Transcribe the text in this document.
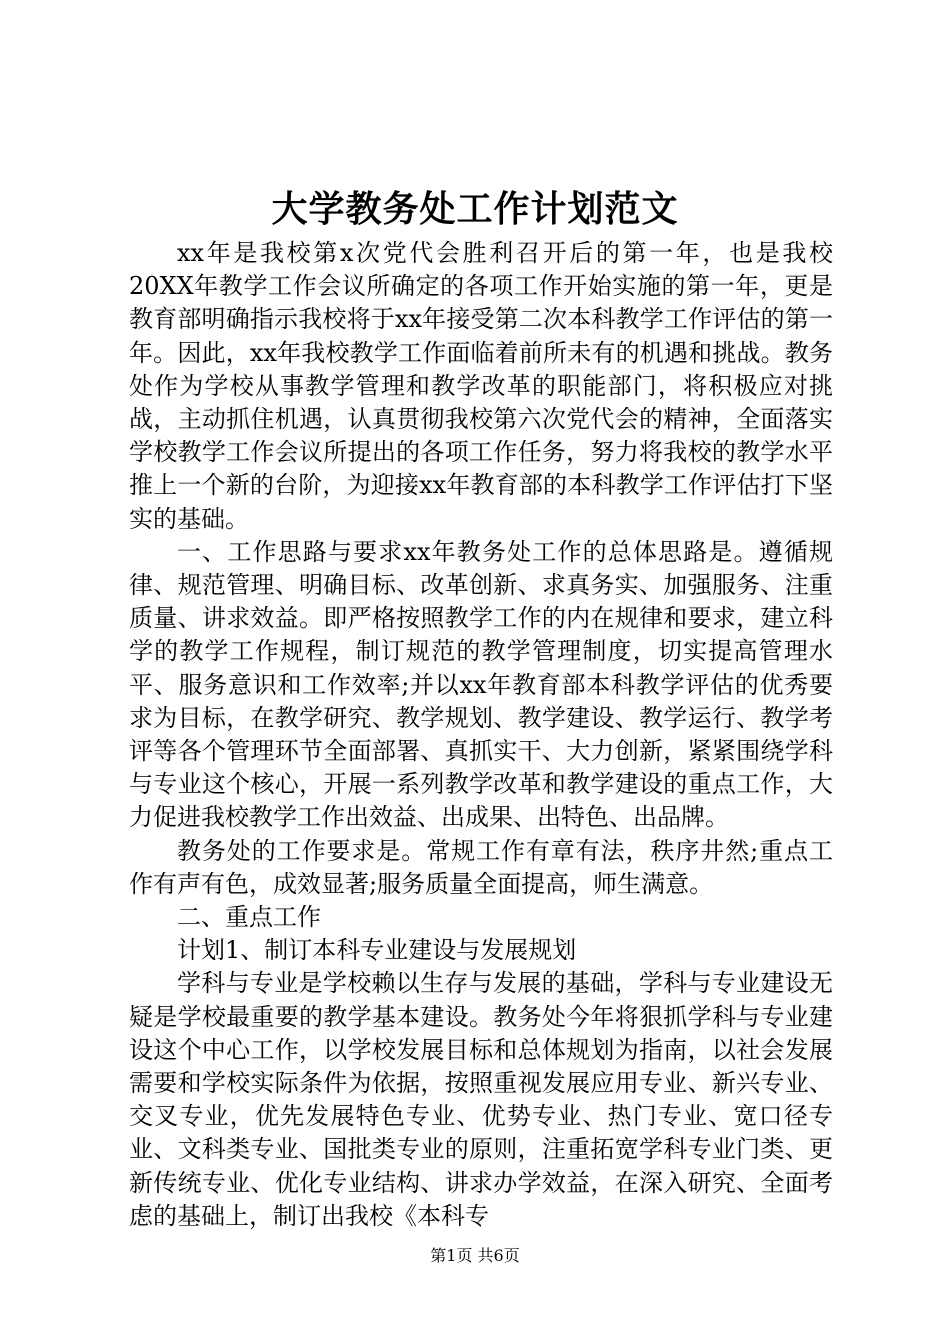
大学教务处工作计划范文

xx年是我校第x次党代会胜利召开后的第一年，也是我校20XX年教学工作会议所确定的各项工作开始实施的第一年，更是教育部明确指示我校将于xx年接受第二次本科教学工作评估的第一年。因此，xx年我校教学工作面临着前所未有的机遇和挑战。教务处作为学校从事教学管理和教学改革的职能部门，将积极应对挑战，主动抓住机遇，认真贯彻我校第六次党代会的精神，全面落实学校教学工作会议所提出的各项工作任务，努力将我校的教学水平推上一个新的台阶，为迎接xx年教育部的本科教学工作评估打下坚实的基础。

一、工作思路与要求xx年教务处工作的总体思路是。遵循规律、规范管理、明确目标、改革创新、求真务实、加强服务、注重质量、讲求效益。即严格按照教学工作的内在规律和要求，建立科学的教学工作规程，制订规范的教学管理制度，切实提高管理水平、服务意识和工作效率;并以xx年教育部本科教学评估的优秀要求为目标，在教学研究、教学规划、教学建设、教学运行、教学考评等各个管理环节全面部署、真抓实干、大力创新，紧紧围绕学科与专业这个核心，开展一系列教学改革和教学建设的重点工作，大力促进我校教学工作出效益、出成果、出特色、出品牌。

教务处的工作要求是。常规工作有章有法，秩序井然;重点工作有声有色，成效显著;服务质量全面提高，师生满意。

二、重点工作

计划1、制订本科专业建设与发展规划

学科与专业是学校赖以生存与发展的基础，学科与专业建设无疑是学校最重要的教学基本建设。教务处今年将狠抓学科与专业建设这个中心工作，以学校发展目标和总体规划为指南，以社会发展需要和学校实际条件为依据，按照重视发展应用专业、新兴专业、交叉专业，优先发展特色专业、优势专业、热门专业、宽口径专业、文科类专业、国批类专业的原则，注重拓宽学科专业门类、更新传统专业、优化专业结构、讲求办学效益，在深入研究、全面考虑的基础上，制订出我校《本科专

第1页 共6页
